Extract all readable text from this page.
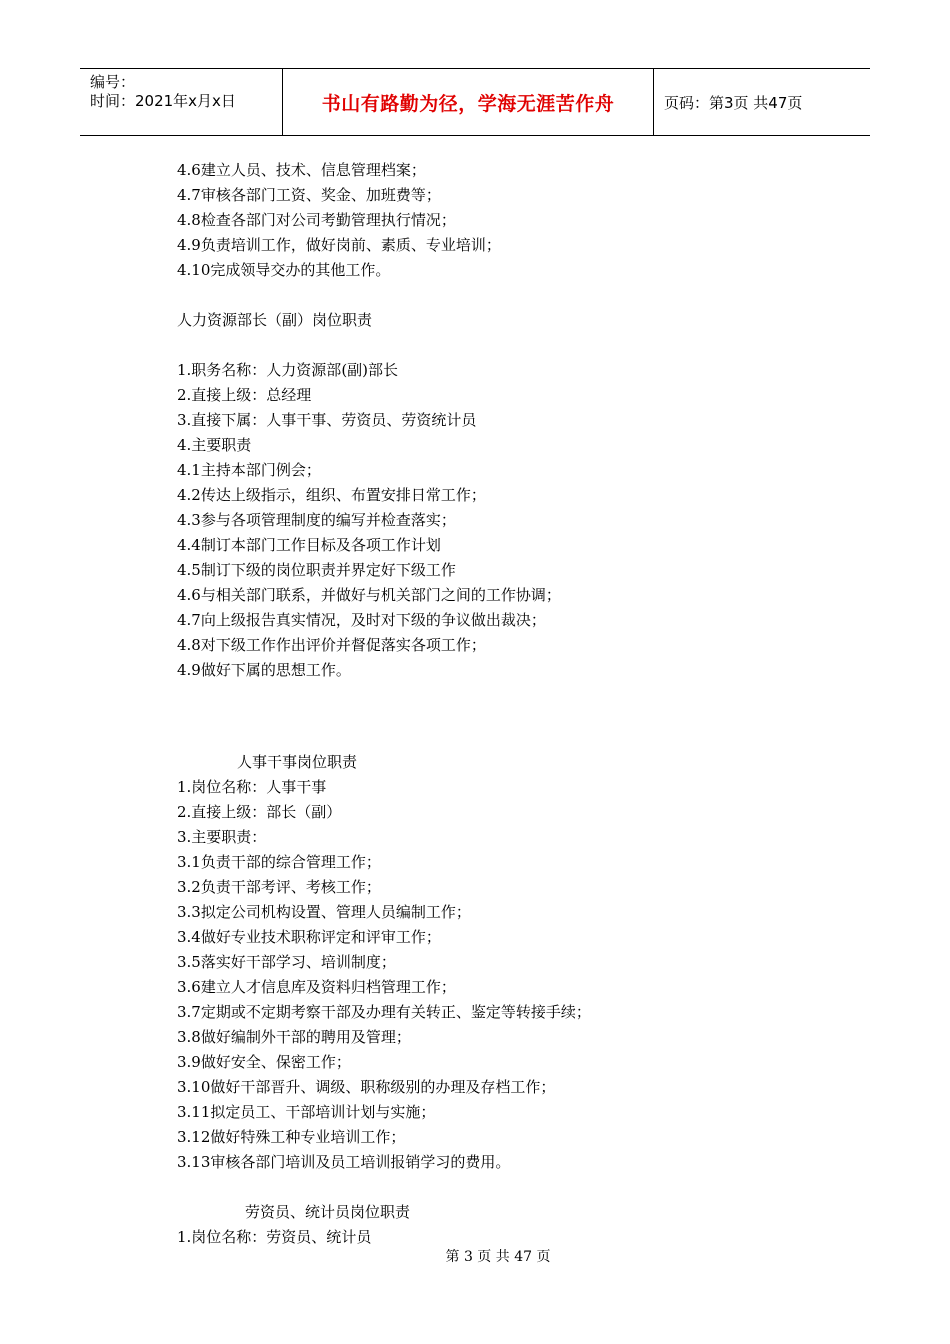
编号：
时间：2021年x月x日	书山有路勤为径，学海无涯苦作舟	页码：第3页 共47页
4.6建立人员、技术、信息管理档案；
4.7审核各部门工资、奖金、加班费等；
4.8检查各部门对公司考勤管理执行情况；
4.9负责培训工作，做好岗前、素质、专业培训；
4.10完成领导交办的其他工作。
人力资源部长（副）岗位职责
1.职务名称：人力资源部(副)部长
2.直接上级：总经理
3.直接下属：人事干事、劳资员、劳资统计员
4.主要职责
4.1主持本部门例会；
4.2传达上级指示，组织、布置安排日常工作；
4.3参与各项管理制度的编写并检查落实；
4.4制订本部门工作目标及各项工作计划
4.5制订下级的岗位职责并界定好下级工作
4.6与相关部门联系，并做好与机关部门之间的工作协调；
4.7向上级报告真实情况，及时对下级的争议做出裁决；
4.8对下级工作作出评价并督促落实各项工作；
4.9做好下属的思想工作。
人事干事岗位职责
1.岗位名称：人事干事
2.直接上级：部长（副）
3.主要职责：
3.1负责干部的综合管理工作；
3.2负责干部考评、考核工作；
3.3拟定公司机构设置、管理人员编制工作；
3.4做好专业技术职称评定和评审工作；
3.5落实好干部学习、培训制度；
3.6建立人才信息库及资料归档管理工作；
3.7定期或不定期考察干部及办理有关转正、鉴定等转接手续；
3.8做好编制外干部的聘用及管理；
3.9做好安全、保密工作；
3.10做好干部晋升、调级、职称级别的办理及存档工作；
3.11拟定员工、干部培训计划与实施；
3.12做好特殊工种专业培训工作；
3.13审核各部门培训及员工培训报销学习的费用。
劳资员、统计员岗位职责
1.岗位名称：劳资员、统计员
第 3 页 共 47 页
